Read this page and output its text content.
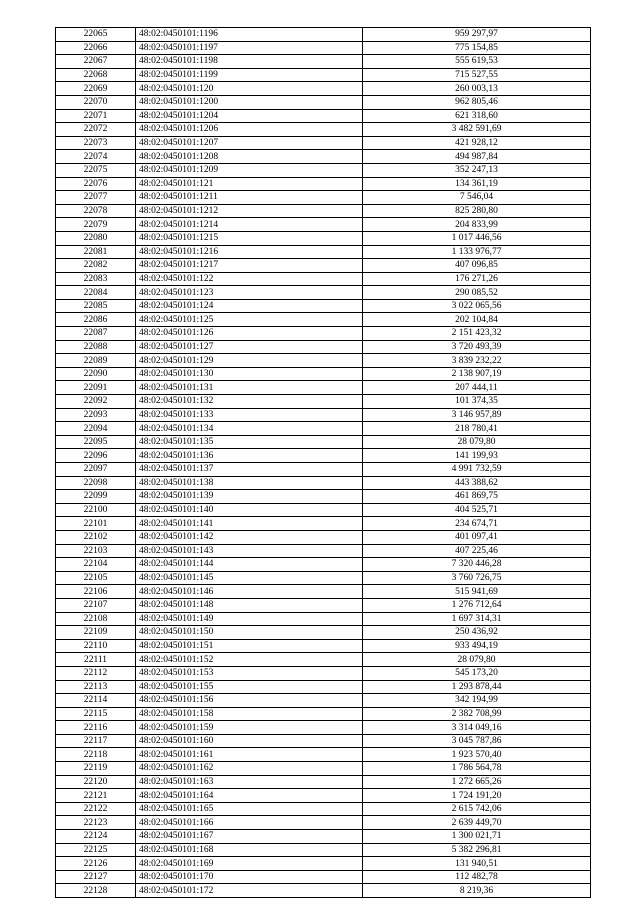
22065	48:02:0450101:1196	959 297,97
22066	48:02:0450101:1197	775 154,85
22067	48:02:0450101:1198	555 619,53
22068	48:02:0450101:1199	715 527,55
22069	48:02:0450101:120	260 003,13
22070	48:02:0450101:1200	962 805,46
22071	48:02:0450101:1204	621 318,60
22072	48:02:0450101:1206	3 482 591,69
22073	48:02:0450101:1207	421 928,12
22074	48:02:0450101:1208	494 987,84
22075	48:02:0450101:1209	352 247,13
22076	48:02:0450101:121	134 361,19
22077	48:02:0450101:1211	7 546,04
22078	48:02:0450101:1212	825 280,80
22079	48:02:0450101:1214	204 833,99
22080	48:02:0450101:1215	1 017 446,56
22081	48:02:0450101:1216	1 133 976,77
22082	48:02:0450101:1217	407 096,85
22083	48:02:0450101:122	176 271,26
22084	48:02:0450101:123	290 085,52
22085	48:02:0450101:124	3 022 065,56
22086	48:02:0450101:125	202 104,84
22087	48:02:0450101:126	2 151 423,32
22088	48:02:0450101:127	3 720 493,39
22089	48:02:0450101:129	3 839 232,22
22090	48:02:0450101:130	2 138 907,19
22091	48:02:0450101:131	207 444,11
22092	48:02:0450101:132	101 374,35
22093	48:02:0450101:133	3 146 957,89
22094	48:02:0450101:134	218 780,41
22095	48:02:0450101:135	28 079,80
22096	48:02:0450101:136	141 199,93
22097	48:02:0450101:137	4 991 732,59
22098	48:02:0450101:138	443 388,62
22099	48:02:0450101:139	461 869,75
22100	48:02:0450101:140	404 525,71
22101	48:02:0450101:141	234 674,71
22102	48:02:0450101:142	401 097,41
22103	48:02:0450101:143	407 225,46
22104	48:02:0450101:144	7 320 446,28
22105	48:02:0450101:145	3 760 726,75
22106	48:02:0450101:146	515 941,69
22107	48:02:0450101:148	1 276 712,64
22108	48:02:0450101:149	1 697 314,31
22109	48:02:0450101:150	250 436,92
22110	48:02:0450101:151	933 494,19
22111	48:02:0450101:152	28 079,80
22112	48:02:0450101:153	545 173,20
22113	48:02:0450101:155	1 293 878,44
22114	48:02:0450101:156	342 194,99
22115	48:02:0450101:158	2 382 708,99
22116	48:02:0450101:159	3 314 049,16
22117	48:02:0450101:160	3 045 787,86
22118	48:02:0450101:161	1 923 570,40
22119	48:02:0450101:162	1 786 564,78
22120	48:02:0450101:163	1 272 665,26
22121	48:02:0450101:164	1 724 191,20
22122	48:02:0450101:165	2 615 742,06
22123	48:02:0450101:166	2 639 449,70
22124	48:02:0450101:167	1 300 021,71
22125	48:02:0450101:168	5 382 296,81
22126	48:02:0450101:169	131 940,51
22127	48:02:0450101:170	112 482,78
22128	48:02:0450101:172	8 219,36
